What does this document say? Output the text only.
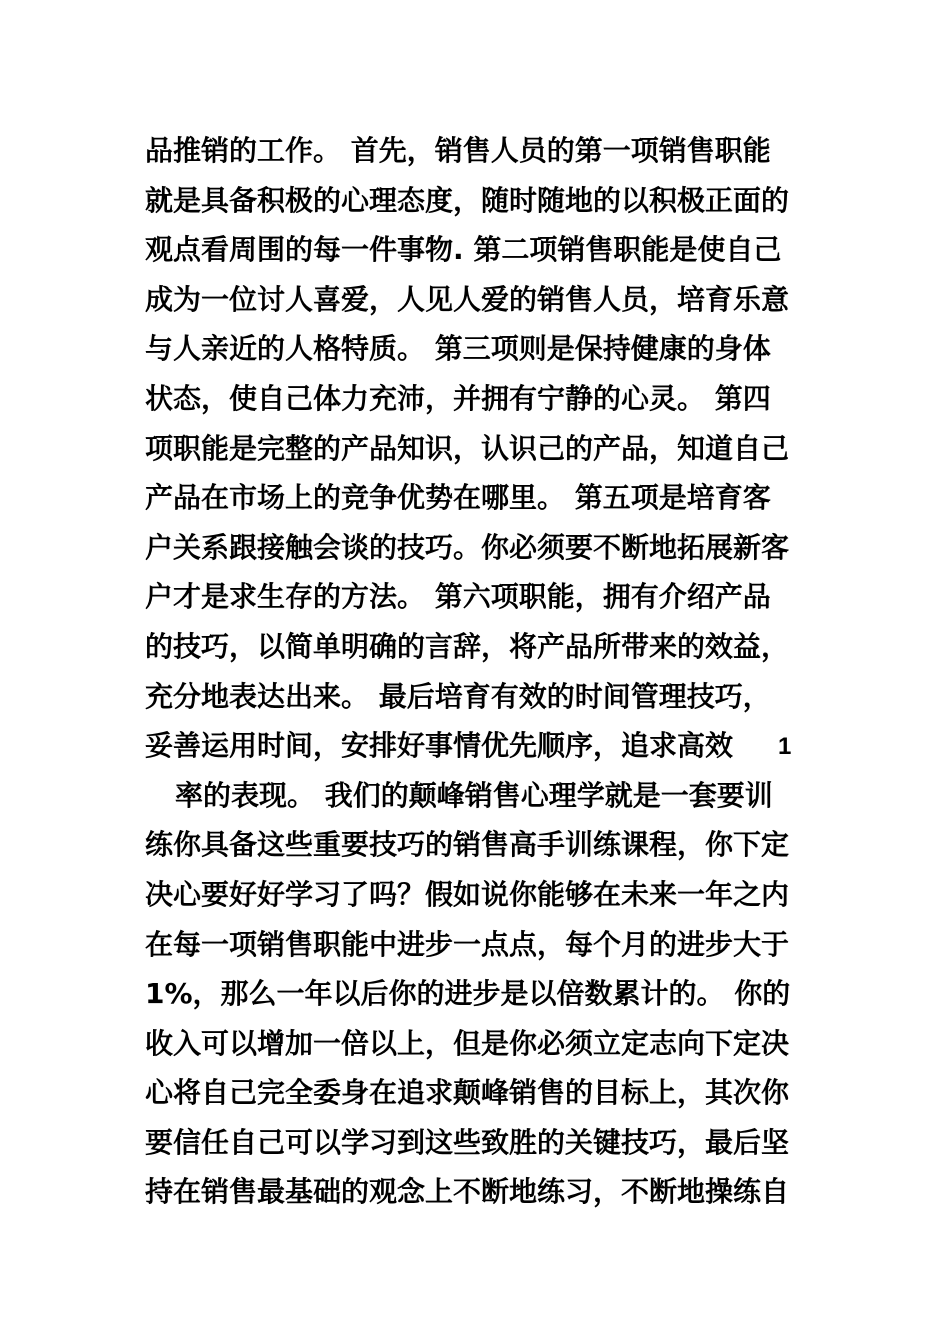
品推销的工作。 首先，销售人员的第一项销售职能
就是具备积极的心理态度，随时随地的以积极正面的
观点看周围的每一件事物. 第二项销售职能是使自己
成为一位讨人喜爱，人见人爱的销售人员，培育乐意
与人亲近的人格特质。 第三项则是保持健康的身体
状态，使自己体力充沛，并拥有宁静的心灵。 第四
项职能是完整的产品知识，认识己的产品，知道自己
产品在市场上的竞争优势在哪里。 第五项是培育客
户关系跟接触会谈的技巧。你必须要不断地拓展新客
户才是求生存的方法。 第六项职能，拥有介绍产品
的技巧，以简单明确的言辞，将产品所带来的效益，
充分地表达出来。 最后培育有效的时间管理技巧，
妥善运用时间，安排好事情优先顺序，追求高效
率的表现。 我们的颠峰销售心理学就是一套要训
练你具备这些重要技巧的销售高手训练课程，你下定
决心要好好学习了吗？假如说你能够在未来一年之内
在每一项销售职能中进步一点点，每个月的进步大于
1%，那么一年以后你的进步是以倍数累计的。 你的
收入可以增加一倍以上，但是你必须立定志向下定决
心将自己完全委身在追求颠峰销售的目标上，其次你
要信任自己可以学习到这些致胜的关键技巧，最后坚
持在销售最基础的观念上不断地练习，不断地操练自
1
